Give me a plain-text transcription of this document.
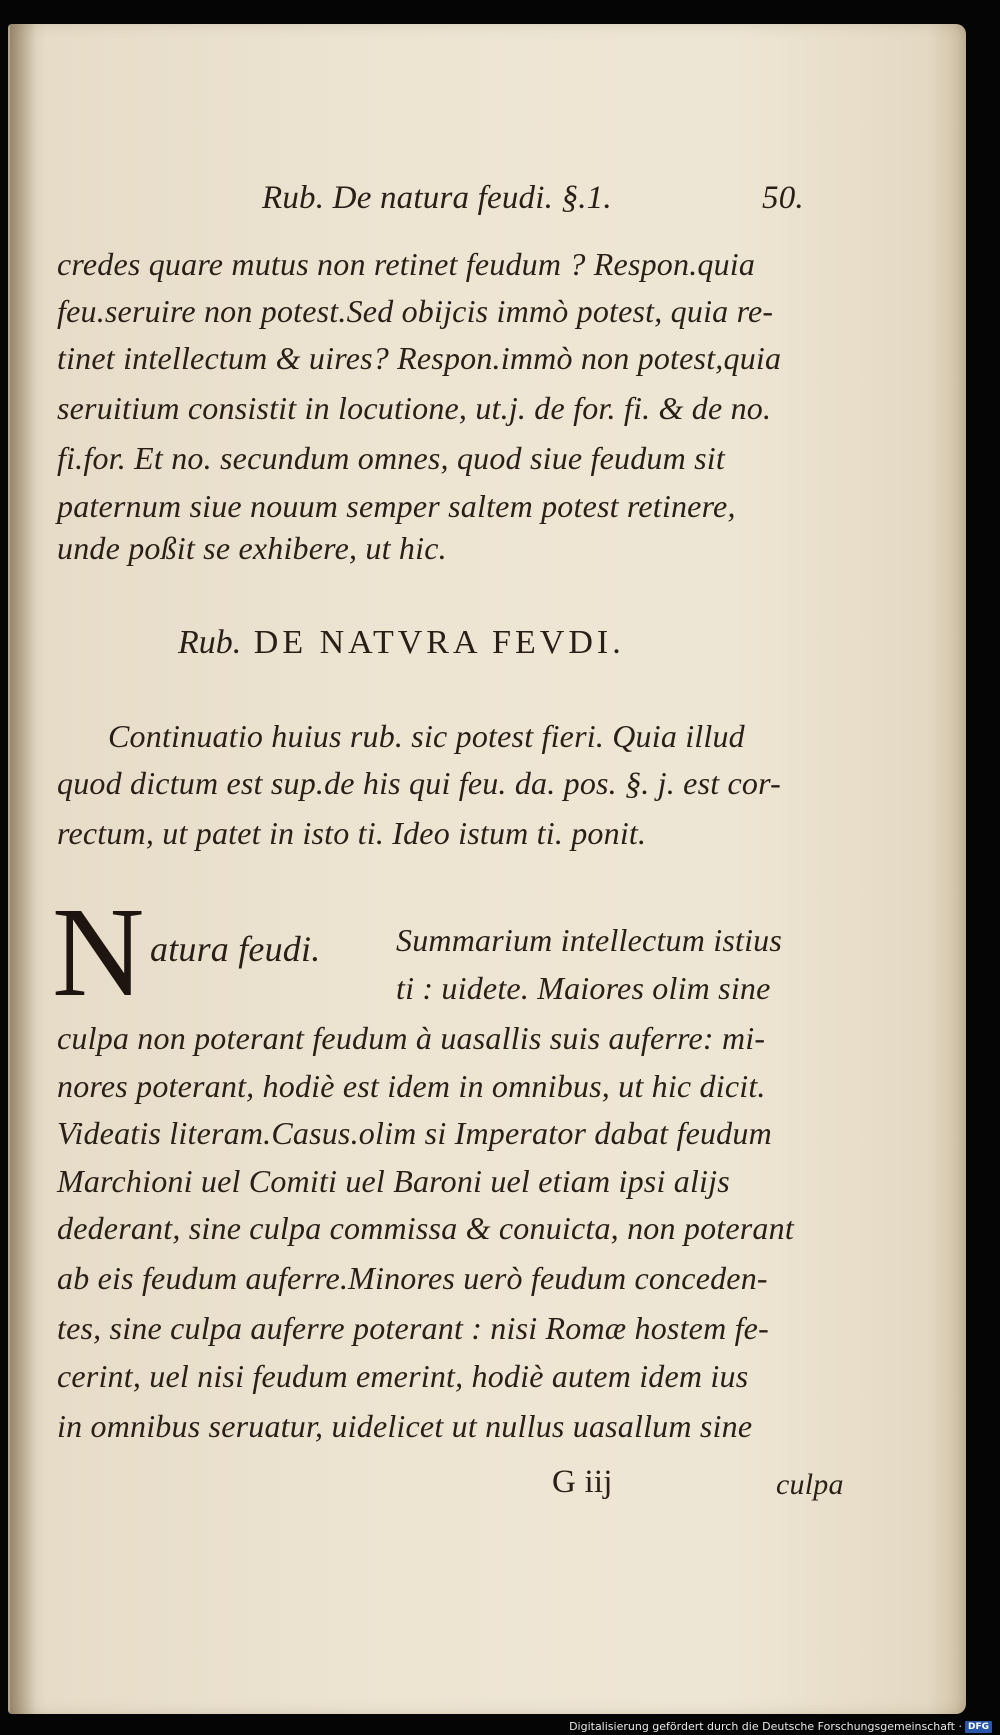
Rub. De natura feudi. §.1.	50.
credes quare mutus non retinet feudum ? Respon.quia
feu.seruire non potest.Sed obijcis immò potest, quia re-
tinet intellectum & uires? Respon.immò non potest,quia
seruitium consistit in locutione, ut.j. de for. fi. & de no.
fi.for. Et no. secundum omnes, quod siue feudum sit
paternum siue nouum semper saltem potest retinere,
unde poßit se exhibere, ut hic.
Rub. DE NATVRA FEVDI.
Continuatio huius rub. sic potest fieri. Quia illud
quod dictum est sup.de his qui feu. da. pos. §. j. est cor-
rectum, ut patet in isto ti. Ideo istum ti. ponit.
N atura feudi. Summarium intellectum istius
ti : uidete. Maiores olim sine
culpa non poterant feudum à uasallis suis auferre: mi-
nores poterant, hodiè est idem in omnibus, ut hic dicit.
Videatis literam.Casus.olim si Imperator dabat feudum
Marchioni uel Comiti uel Baroni uel etiam ipsi alijs
dederant, sine culpa commissa & conuicta, non poterant
ab eis feudum auferre.Minores uerò feudum conceden-
tes, sine culpa auferre poterant : nisi Romæ hostem fe-
cerint, uel nisi feudum emerint, hodiè autem idem ius
in omnibus seruatur, uidelicet ut nullus uasallum sine
G iij	culpa
Digitalisierung gefördert durch die Deutsche Forschungsgemeinschaft · DFG
